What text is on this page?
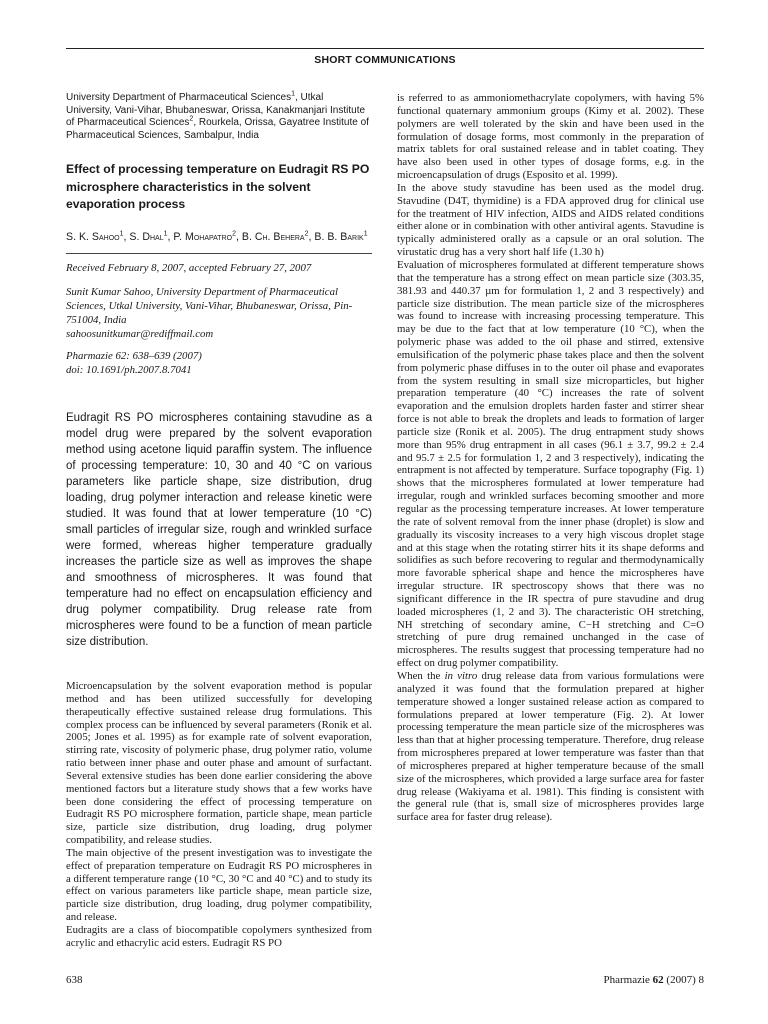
SHORT COMMUNICATIONS

University Department of Pharmaceutical Sciences$^1$, Utkal University, Vani-Vihar, Bhubaneswar, Orissa, Kanakmanjari Institute of Pharmaceutical Sciences$^2$, Rourkela, Orissa, Gayatree Institute of Pharmaceutical Sciences, Sambalpur, India

Effect of processing temperature on Eudragit RS PO microsphere characteristics in the solvent evaporation process

S. K. Sahoo$^1$, S. Dhal$^1$, P. Mohapatro$^2$, B. Ch. Behera$^2$, B. B. Barik$^1$

Received February 8, 2007, accepted February 27, 2007

Sunit Kumar Sahoo, University Department of Pharmaceutical Sciences, Utkal University, Vani-Vihar, Bhubaneswar, Orissa, Pin-751004, India
sahoosunitkumar@rediffmail.com

Pharmazie 62: 638–639 (2007)
doi: 10.1691/ph.2007.8.7041

Eudragit RS PO microspheres containing stavudine as a model drug were prepared by the solvent evaporation method using acetone liquid paraffin system. The influence of processing temperature: 10, 30 and 40 °C on various parameters like particle shape, size distribution, drug loading, drug polymer interaction and release kinetic were studied. It was found that at lower temperature (10 °C) small particles of irregular size, rough and wrinkled surface were formed, whereas higher temperature gradually increases the particle size as well as improves the shape and smoothness of microspheres. It was found that temperature had no effect on encapsulation efficiency and drug polymer compatibility. Drug release rate from microspheres were found to be a function of mean particle size distribution.

Microencapsulation by the solvent evaporation method is popular method and has been utilized successfully for developing therapeutically effective sustained release drug formulations. This complex process can be influenced by several parameters (Ronik et al. 2005; Jones et al. 1995) as for example rate of solvent evaporation, stirring rate, viscosity of polymeric phase, drug polymer ratio, volume ratio between inner phase and outer phase and amount of surfactant. Several extensive studies has been done earlier considering the above mentioned factors but a literature study shows that a few works have been done considering the effect of processing temperature on Eudragit RS PO microsphere formation, particle shape, mean particle size, particle size distribution, drug loading, drug polymer compatibility, and release studies.

The main objective of the present investigation was to investigate the effect of preparation temperature on Eudragit RS PO microspheres in a different temperature range (10 °C, 30 °C and 40 °C) and to study its effect on various parameters like particle shape, mean particle size, particle size distribution, drug loading, drug polymer compatibility, and release.

Eudragits are a class of biocompatible copolymers synthesized from acrylic and ethacrylic acid esters. Eudragit RS PO

is referred to as ammoniomethacrylate copolymers, with having 5% functional quaternary ammonium groups (Kimy et al. 2002). These polymers are well tolerated by the skin and have been used in the formulation of dosage forms, most commonly in the preparation of matrix tablets for oral sustained release and in tablet coating. They have also been used in other types of dosage forms, e.g. in the microencapsulation of drugs (Esposito et al. 1999).

In the above study stavudine has been used as the model drug. Stavudine (D4T, thymidine) is a FDA approved drug for clinical use for the treatment of HIV infection, AIDS and AIDS related conditions either alone or in combination with other antiviral agents. Stavudine is typically administered orally as a capsule or an oral solution. The virustatic drug has a very short half life (1.30 h)

Evaluation of microspheres formulated at different temperature shows that the temperature has a strong effect on mean particle size (303.35, 381.93 and 440.37 µm for formulation 1, 2 and 3 respectively) and particle size distribution. The mean particle size of the microspheres was found to increase with increasing processing temperature. This may be due to the fact that at low temperature (10 °C), when the polymeric phase was added to the oil phase and stirred, extensive emulsification of the polymeric phase takes place and then the solvent from polymeric phase diffuses in to the outer oil phase and evaporates from the system resulting in small size microparticles, but higher preparation temperature (40 °C) increases the rate of solvent evaporation and the emulsion droplets harden faster and stirrer shear force is not able to break the droplets and leads to formation of larger particle size (Ronik et al. 2005). The drug entrapment study shows more than 95% drug entrapment in all cases (96.1 ± 3.7, 99.2 ± 2.4 and 95.7 ± 2.5 for formulation 1, 2 and 3 respectively), indicating the entrapment is not affected by temperature. Surface topography (Fig. 1) shows that the microspheres formulated at lower temperature had irregular, rough and wrinkled surfaces becoming smoother and more regular as the processing temperature increases. At lower temperature the rate of solvent removal from the inner phase (droplet) is slow and gradually its viscosity increases to a very high viscous droplet stage and at this stage when the rotating stirrer hits it its shape deforms and solidifies as such before recovering to regular and thermodynamically more favorable spherical shape and hence the microspheres have irregular structure. IR spectroscopy shows that there was no significant difference in the IR spectra of pure stavudine and drug loaded microspheres (1, 2 and 3). The characteristic OH stretching, NH stretching of secondary amine, C−H stretching and C=O stretching of pure drug remained unchanged in the case of microspheres. The results suggest that processing temperature had no effect on drug polymer compatibility.

When the in vitro drug release data from various formulations were analyzed it was found that the formulation prepared at higher temperature showed a longer sustained release action as compared to formulations prepared at lower temperature (Fig. 2). At lower processing temperature the mean particle size of the microspheres was less than that at higher processing temperature. Therefore, drug release from microspheres prepared at lower temperature was faster than that of microspheres prepared at higher temperature because of the small size of the microspheres, which provided a large surface area for faster drug release (Wakiyama et al. 1981). This finding is consistent with the general rule (that is, small size of microspheres provides large surface area for faster drug release).

638	Pharmazie 62 (2007) 8
